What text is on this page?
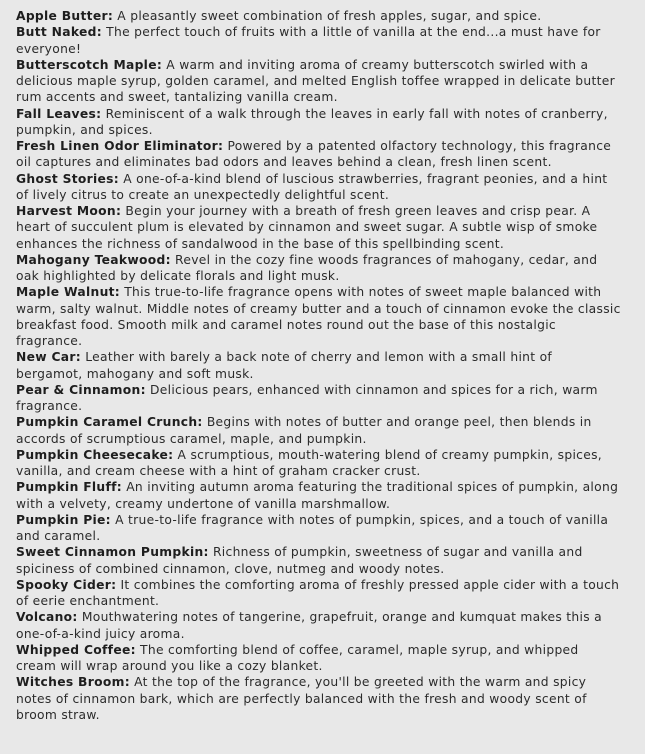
Apple Butter: A pleasantly sweet combination of fresh apples, sugar, and spice.

Butt Naked: The perfect touch of fruits with a little of vanilla at the end...a must have for everyone!

Butterscotch Maple: A warm and inviting aroma of creamy butterscotch swirled with a delicious maple syrup, golden caramel, and melted English toffee wrapped in delicate butter rum accents and sweet, tantalizing vanilla cream.

Fall Leaves: Reminiscent of a walk through the leaves in early fall with notes of cranberry, pumpkin, and spices.

Fresh Linen Odor Eliminator: Powered by a patented olfactory technology, this fragrance oil captures and eliminates bad odors and leaves behind a clean, fresh linen scent.

Ghost Stories: A one-of-a-kind blend of luscious strawberries, fragrant peonies, and a hint of lively citrus to create an unexpectedly delightful scent.

Harvest Moon: Begin your journey with a breath of fresh green leaves and crisp pear. A heart of succulent plum is elevated by cinnamon and sweet sugar. A subtle wisp of smoke enhances the richness of sandalwood in the base of this spellbinding scent.

Mahogany Teakwood: Revel in the cozy fine woods fragrances of mahogany, cedar, and oak highlighted by delicate florals and light musk.

Maple Walnut: This true-to-life fragrance opens with notes of sweet maple balanced with warm, salty walnut. Middle notes of creamy butter and a touch of cinnamon evoke the classic breakfast food. Smooth milk and caramel notes round out the base of this nostalgic fragrance.

New Car: Leather with barely a back note of cherry and lemon with a small hint of bergamot, mahogany and soft musk.

Pear & Cinnamon: Delicious pears, enhanced with cinnamon and spices for a rich, warm fragrance.

Pumpkin Caramel Crunch: Begins with notes of butter and orange peel, then blends in accords of scrumptious caramel, maple, and pumpkin.

Pumpkin Cheesecake: A scrumptious, mouth-watering blend of creamy pumpkin, spices, vanilla, and cream cheese with a hint of graham cracker crust.

Pumpkin Fluff: An inviting autumn aroma featuring the traditional spices of pumpkin, along with a velvety, creamy undertone of vanilla marshmallow.

Pumpkin Pie: A true-to-life fragrance with notes of pumpkin, spices, and a touch of vanilla and caramel.

Sweet Cinnamon Pumpkin: Richness of pumpkin, sweetness of sugar and vanilla and spiciness of combined cinnamon, clove, nutmeg and woody notes.

Spooky Cider: It combines the comforting aroma of freshly pressed apple cider with a touch of eerie enchantment.

Volcano: Mouthwatering notes of tangerine, grapefruit, orange and kumquat makes this a one-of-a-kind juicy aroma.

Whipped Coffee: The comforting blend of coffee, caramel, maple syrup, and whipped cream will wrap around you like a cozy blanket.

Witches Broom: At the top of the fragrance, you'll be greeted with the warm and spicy notes of cinnamon bark, which are perfectly balanced with the fresh and woody scent of broom straw.
